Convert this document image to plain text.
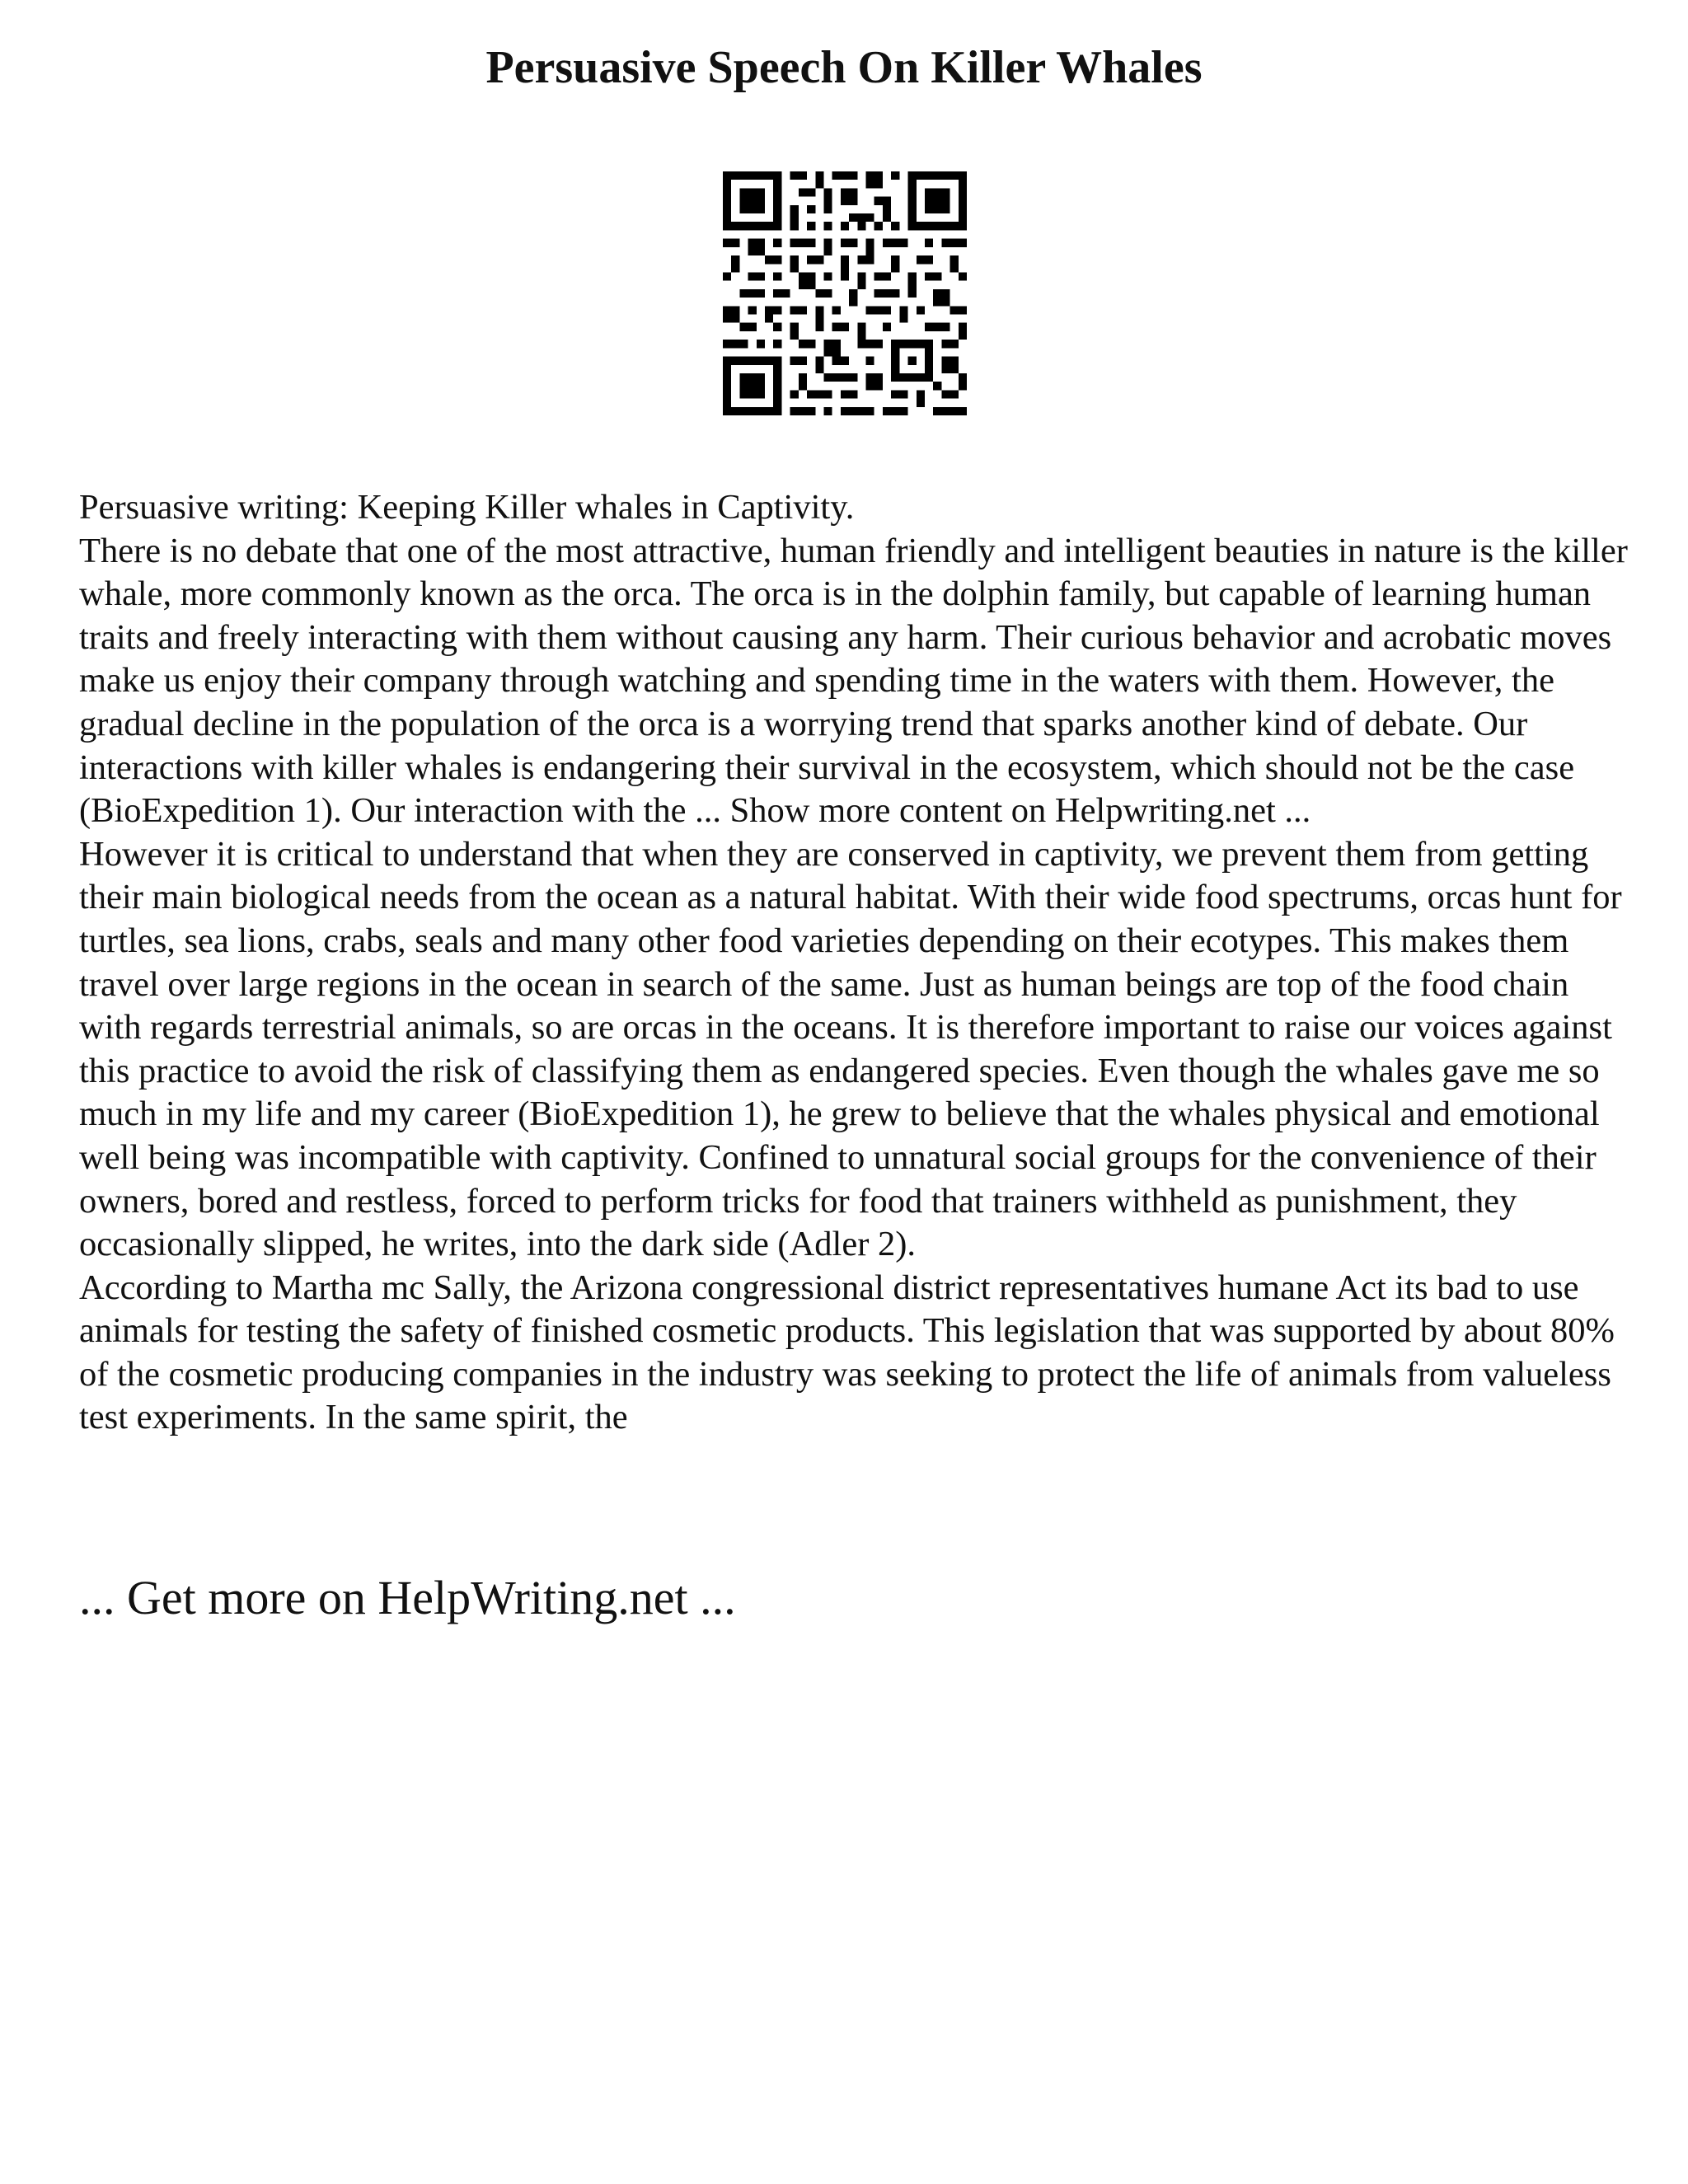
Persuasive Speech On Killer Whales

Persuasive writing: Keeping Killer whales in Captivity.

There is no debate that one of the most attractive, human friendly and intelligent beauties in nature is the killer whale, more commonly known as the orca. The orca is in the dolphin family, but capable of learning human traits and freely interacting with them without causing any harm. Their curious behavior and acrobatic moves make us enjoy their company through watching and spending time in the waters with them. However, the gradual decline in the population of the orca is a worrying trend that sparks another kind of debate. Our interactions with killer whales is endangering their survival in the ecosystem, which should not be the case (BioExpedition 1). Our interaction with the ... Show more content on Helpwriting.net ...

However it is critical to understand that when they are conserved in captivity, we prevent them from getting their main biological needs from the ocean as a natural habitat. With their wide food spectrums, orcas hunt for turtles, sea lions, crabs, seals and many other food varieties depending on their ecotypes. This makes them travel over large regions in the ocean in search of the same. Just as human beings are top of the food chain with regards terrestrial animals, so are orcas in the oceans. It is therefore important to raise our voices against this practice to avoid the risk of classifying them as endangered species. Even though the whales gave me so much in my life and my career (BioExpedition 1), he grew to believe that the whales physical and emotional well being was incompatible with captivity. Confined to unnatural social groups for the convenience of their owners, bored and restless, forced to perform tricks for food that trainers withheld as punishment, they occasionally slipped, he writes, into the dark side (Adler 2).

According to Martha mc Sally, the Arizona congressional district representatives humane Act its bad to use animals for testing the safety of finished cosmetic products. This legislation that was supported by about 80% of the cosmetic producing companies in the industry was seeking to protect the life of animals from valueless test experiments. In the same spirit, the

... Get more on HelpWriting.net ...
